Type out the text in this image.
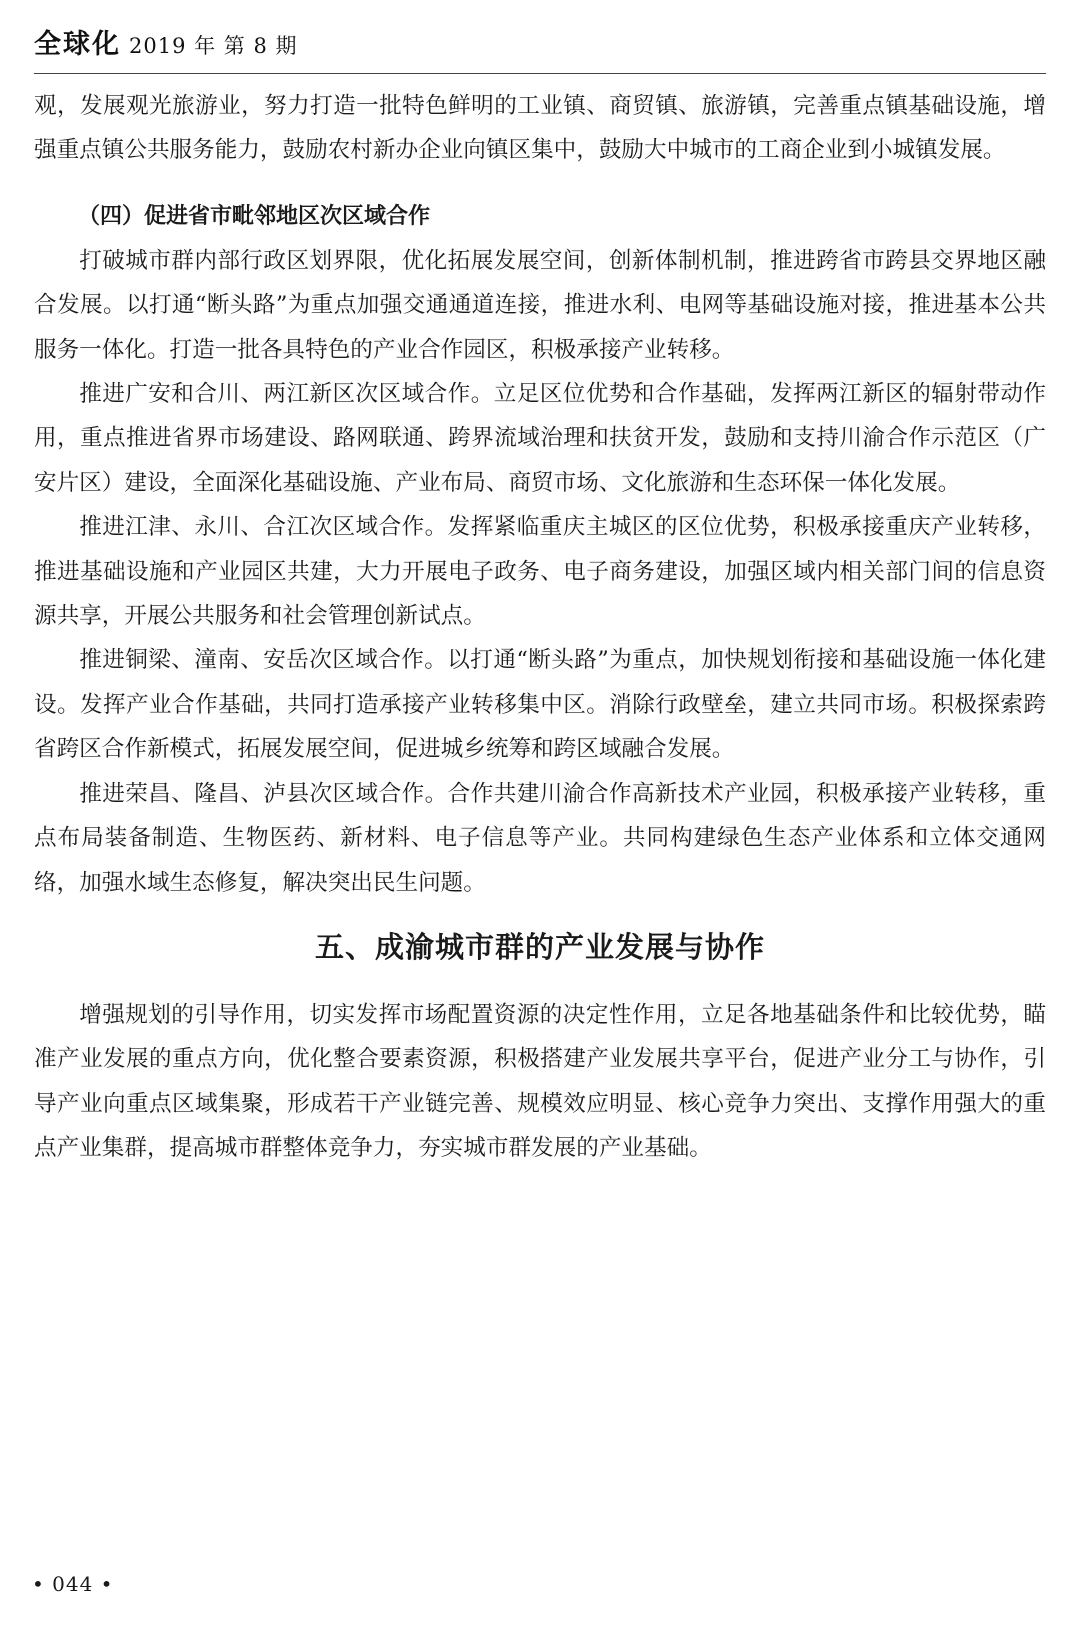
全球化 2019 年 第 8 期

观，发展观光旅游业，努力打造一批特色鲜明的工业镇、商贸镇、旅游镇，完善重点镇基础设施，增强重点镇公共服务能力，鼓励农村新办企业向镇区集中，鼓励大中城市的工商企业到小城镇发展。

（四）促进省市毗邻地区次区域合作

打破城市群内部行政区划界限，优化拓展发展空间，创新体制机制，推进跨省市跨县交界地区融合发展。以打通“断头路”为重点加强交通通道连接，推进水利、电网等基础设施对接，推进基本公共服务一体化。打造一批各具特色的产业合作园区，积极承接产业转移。

推进广安和合川、两江新区次区域合作。立足区位优势和合作基础，发挥两江新区的辐射带动作用，重点推进省界市场建设、路网联通、跨界流域治理和扶贫开发，鼓励和支持川渝合作示范区（广安片区）建设，全面深化基础设施、产业布局、商贸市场、文化旅游和生态环保一体化发展。

推进江津、永川、合江次区域合作。发挥紧临重庆主城区的区位优势，积极承接重庆产业转移，推进基础设施和产业园区共建，大力开展电子政务、电子商务建设，加强区域内相关部门间的信息资源共享，开展公共服务和社会管理创新试点。

推进铜梁、潼南、安岳次区域合作。以打通“断头路”为重点，加快规划衔接和基础设施一体化建设。发挥产业合作基础，共同打造承接产业转移集中区。消除行政壁垒，建立共同市场。积极探索跨省跨区合作新模式，拓展发展空间，促进城乡统筹和跨区域融合发展。

推进荣昌、隆昌、泸县次区域合作。合作共建川渝合作高新技术产业园，积极承接产业转移，重点布局装备制造、生物医药、新材料、电子信息等产业。共同构建绿色生态产业体系和立体交通网络，加强水域生态修复，解决突出民生问题。

五、成渝城市群的产业发展与协作

增强规划的引导作用，切实发挥市场配置资源的决定性作用，立足各地基础条件和比较优势，瞄准产业发展的重点方向，优化整合要素资源，积极搭建产业发展共享平台，促进产业分工与协作，引导产业向重点区域集聚，形成若干产业链完善、规模效应明显、核心竞争力突出、支撑作用强大的重点产业集群，提高城市群整体竞争力，夯实城市群发展的产业基础。

• 044 •
